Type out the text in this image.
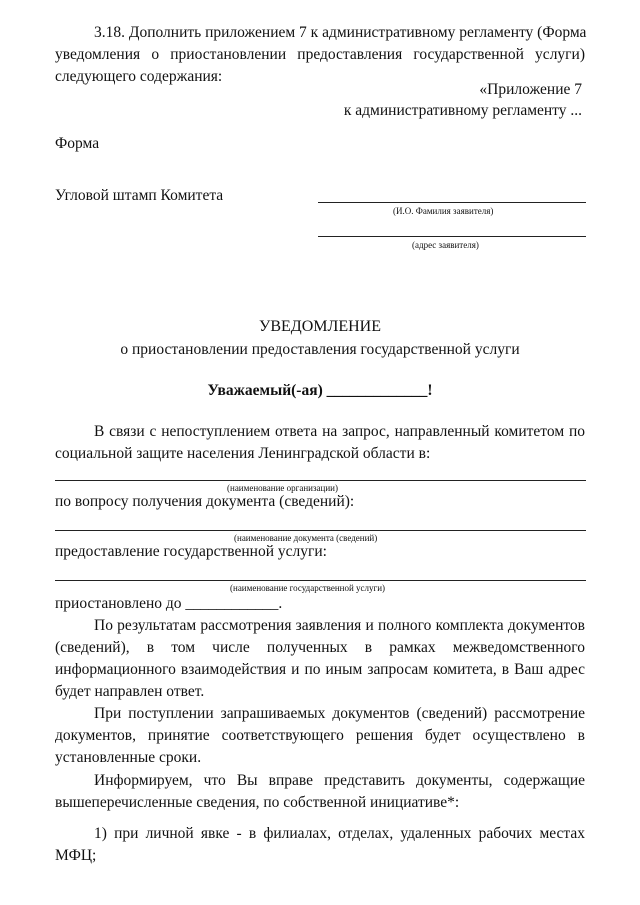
3.18. Дополнить приложением 7 к административному регламенту (Форма
уведомления о приостановлении предоставления государственной услуги)
следующего содержания:
«Приложение 7
к административному регламенту ...
Форма
Угловой штамп Комитета
(И.О. Фамилия заявителя)
(адрес заявителя)
УВЕДОМЛЕНИЕ
о приостановлении предоставления государственной услуги
Уважаемый(-ая) _____________!
В связи с непоступлением ответа на запрос, направленный комитетом по
социальной защите населения Ленинградской области в:
(наименование организации)
по вопросу получения документа (сведений):
(наименование документа (сведений)
предоставление государственной услуги:
(наименование государственной услуги)
приостановлено до ____________.
По результатам рассмотрения заявления и полного комплекта документов
(сведений), в том числе полученных в рамках межведомственного
информационного взаимодействия и по иным запросам комитета, в Ваш адрес
будет направлен ответ.
При поступлении запрашиваемых документов (сведений) рассмотрение
документов, принятие соответствующего решения будет осуществлено в
установленные сроки.
Информируем, что Вы вправе представить документы, содержащие
вышеперечисленные сведения, по собственной инициативе*:
1) при личной явке - в филиалах, отделах, удаленных рабочих местах
МФЦ;
